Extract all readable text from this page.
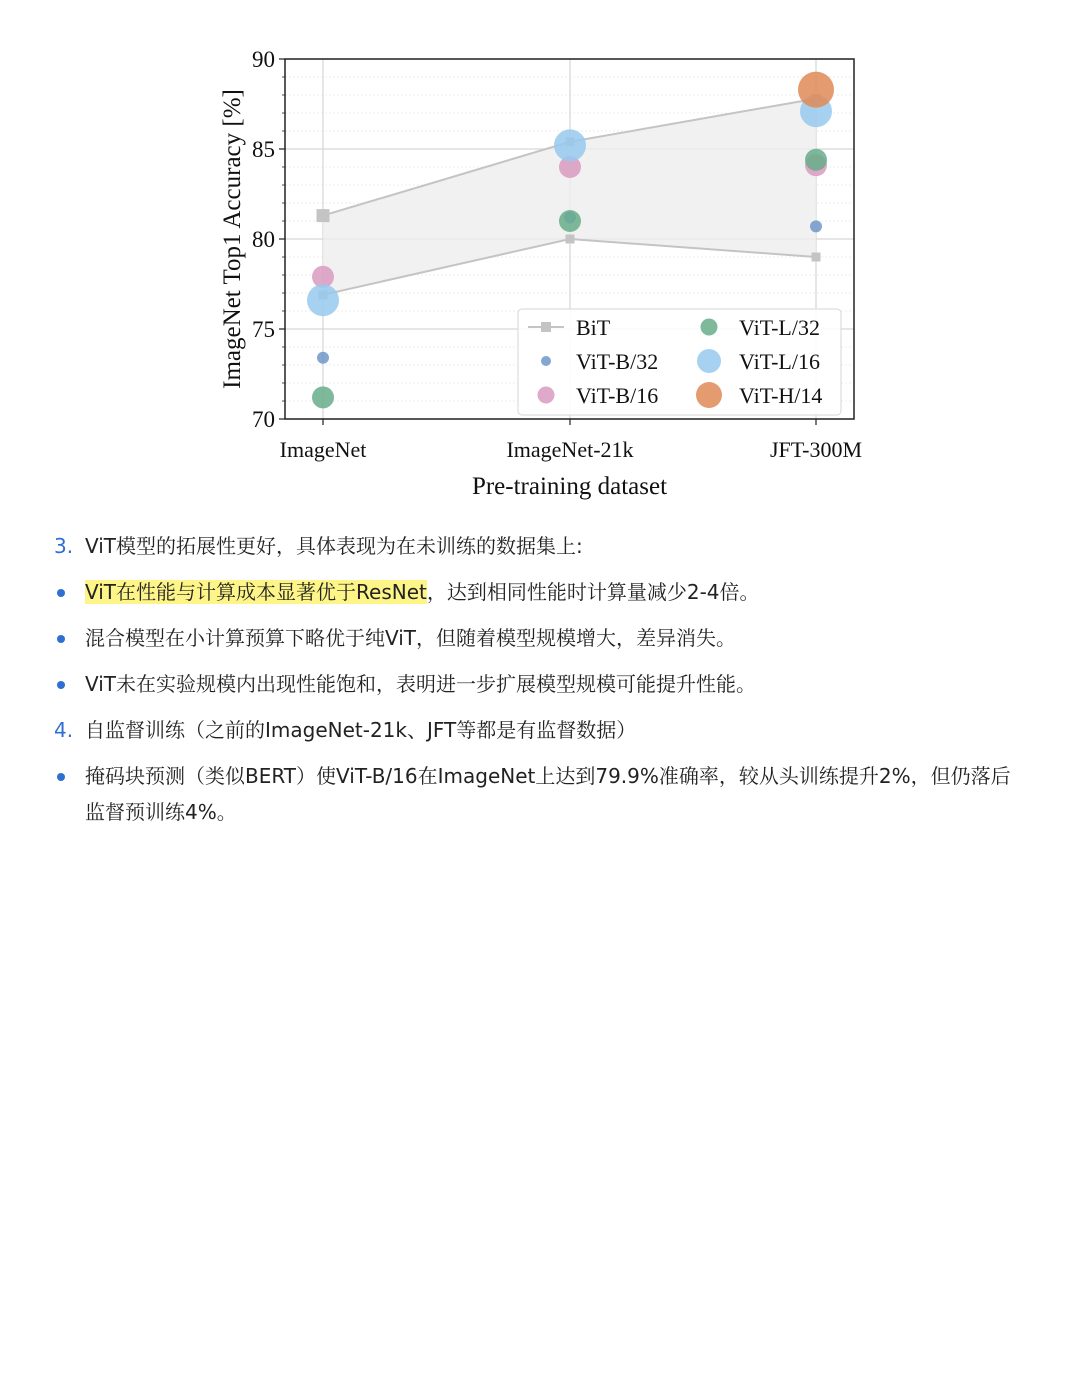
70
75
80
85
90
ImageNet	ImageNet-21k	JFT-300M
ImageNet Top1 Accuracy [%]
Pre-training dataset
BiT
ViT-B/32
ViT-B/16
ViT-L/32
ViT-L/16
ViT-H/14
3. ViT模型的拓展性更好，具体表现为在未训练的数据集上:
ViT在性能与计算成本显著优于ResNet，达到相同性能时计算量减少2-4倍。
混合模型在小计算预算下略优于纯ViT，但随着模型规模增大，差异消失。
ViT未在实验规模内出现性能饱和，表明进一步扩展模型规模可能提升性能。
4. 自监督训练（之前的ImageNet-21k、JFT等都是有监督数据）
掩码块预测（类似BERT）使ViT-B/16在ImageNet上达到79.9%准确率，较从头训练提升2%，但仍落后监督预训练4%。
